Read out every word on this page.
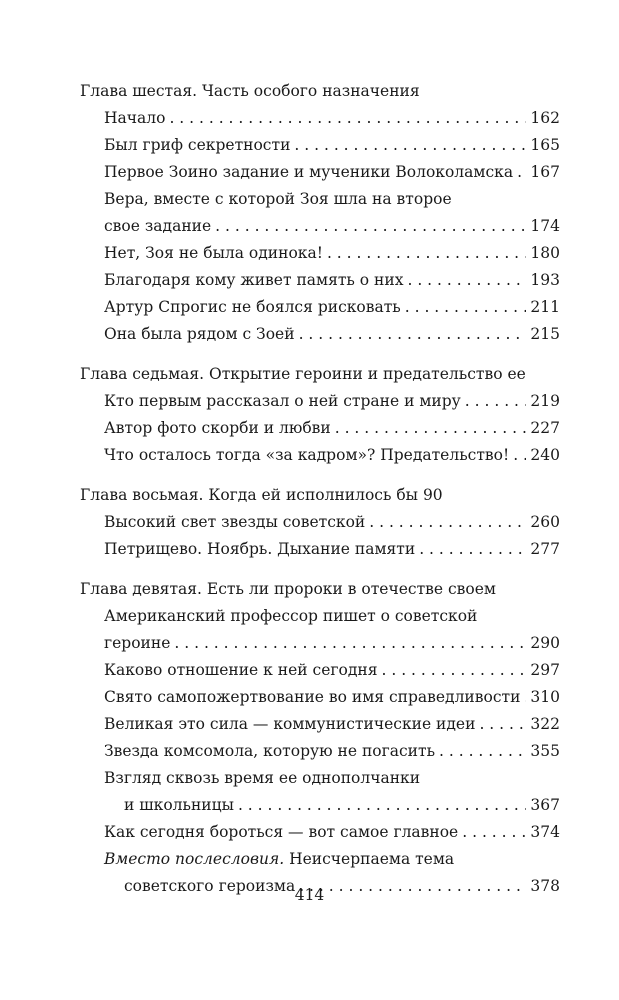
Глава шестая. Часть особого назначения
Начало . . .	162
Был гриф секретности . . .	165
Первое Зоино задание и мученики Волоколамска . . . 167
Вера, вместе с которой Зоя шла на второе
свое задание . . .	174
Нет, Зоя не была одинока! . . .	180
Благодаря кому живет память о них . . .	193
Артур Спрогис не боялся рисковать . . .	211
Она была рядом с Зоей . . .	215
Глава седьмая. Открытие героини и предательство ее
Кто первым рассказал о ней стране и миру . . .	219
Автор фото скорби и любви . . .	227
Что осталось тогда «за кадром»? Предательство! . . . 240
Глава восьмая. Когда ей исполнилось бы 90
Высокий свет звезды советской . . .	260
Петрищево. Ноябрь. Дыхание памяти . . .	277
Глава девятая. Есть ли пророки в отечестве своем
Американский профессор пишет о советской
героине . . .	290
Каково отношение к ней сегодня . . .	297
Свято самопожертвование во имя справедливости . . . 310
Великая это сила — коммунистические идеи . . .	322
Звезда комсомола, которую не погасить . . .	355
Взгляд сквозь время ее однополчанки
и школьницы . . .	367
Как сегодня бороться — вот самое главное . . .	374
Вместо послесловия. Неисчерпаема тема
советского героизма . . .	378
414
